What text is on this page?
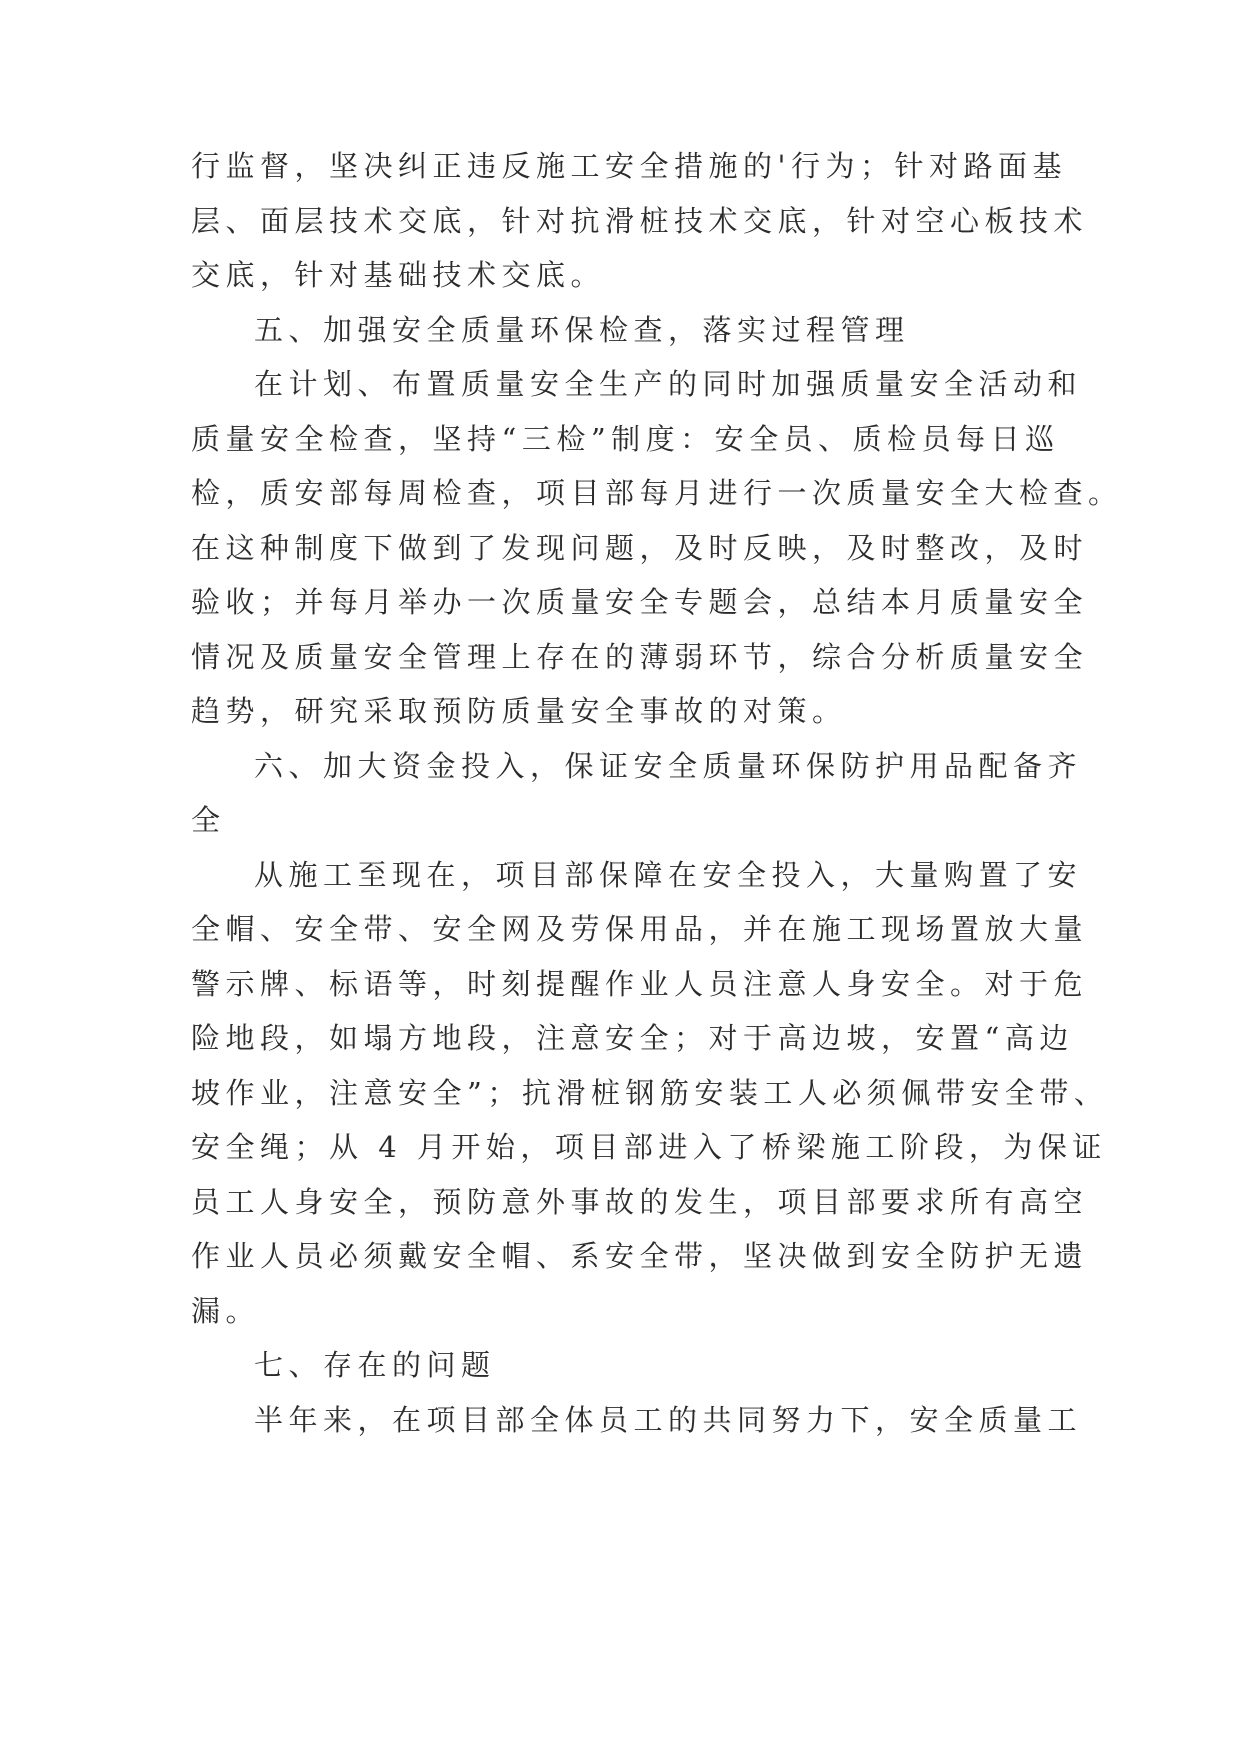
行监督，坚决纠正违反施工安全措施的'行为；针对路面基
层、面层技术交底，针对抗滑桩技术交底，针对空心板技术
交底，针对基础技术交底。
五、加强安全质量环保检查，落实过程管理
在计划、布置质量安全生产的同时加强质量安全活动和
质量安全检查，坚持“三检”制度：安全员、质检员每日巡
检，质安部每周检查，项目部每月进行一次质量安全大检查。
在这种制度下做到了发现问题，及时反映，及时整改，及时
验收；并每月举办一次质量安全专题会，总结本月质量安全
情况及质量安全管理上存在的薄弱环节，综合分析质量安全
趋势，研究采取预防质量安全事故的对策。
六、加大资金投入，保证安全质量环保防护用品配备齐
全
从施工至现在，项目部保障在安全投入，大量购置了安
全帽、安全带、安全网及劳保用品，并在施工现场置放大量
警示牌、标语等，时刻提醒作业人员注意人身安全。对于危
险地段，如塌方地段，注意安全；对于高边坡，安置“高边
坡作业，注意安全”；抗滑桩钢筋安装工人必须佩带安全带、
安全绳；从 4 月开始，项目部进入了桥梁施工阶段，为保证
员工人身安全，预防意外事故的发生，项目部要求所有高空
作业人员必须戴安全帽、系安全带，坚决做到安全防护无遗
漏。
七、存在的问题
半年来，在项目部全体员工的共同努力下，安全质量工
